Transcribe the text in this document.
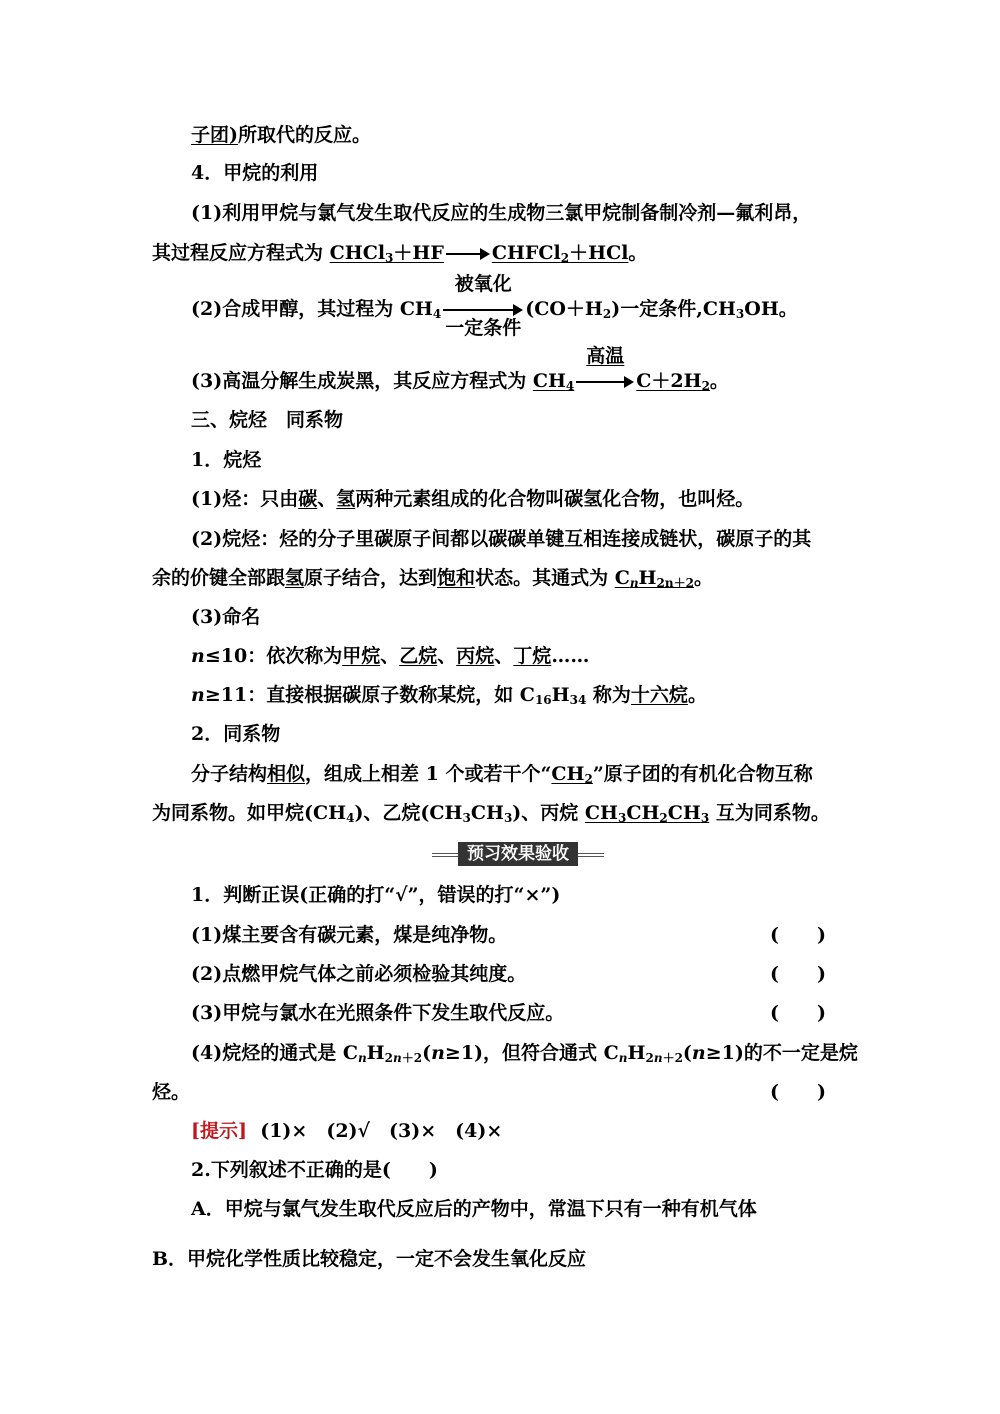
子团)所取代的反应。
4．甲烷的利用
(1)利用甲烷与氯气发生取代反应的生成物三氯甲烷制备制冷剂—氟利昂，
其过程反应方程式为 CHCl$_3$＋HF	CHFCl$_2$＋HCl。
(2)合成甲醇，其过程为 $CH_4$
被氧化
一定条件
$(CO+H_2)$一定条件$,CH_3OH$。
(3)高温分解生成炭黑，其反应方程式为 $CH_4$
高温
$C+2H_2$。
三、烷烃　同系物
1．烷烃
(1)烃：只由碳、氢两种元素组成的化合物叫碳氢化合物，也叫烃。
(2)烷烃：烃的分子里碳原子间都以碳碳单键互相连接成链状，碳原子的其
余的价键全部跟氢原子结合，达到饱和状态。其通式为 $C_nH_{2n+2}$。
(3)命名
n≤10：依次称为甲烷、乙烷、丙烷、丁烷……
n≥11：直接根据碳原子数称某烷，如 $C_{16}H_{34}$ 称为十六烷。
2．同系物
分子结构相似，组成上相差 1 个或若干个“$CH_2$”原子团的有机化合物互称
为同系物。如甲烷$(CH_4)$、乙烷$(CH_3CH_3)$、丙烷 $CH_3CH_2CH_3$ 互为同系物。
预习效果验收
1．判断正误(正确的打“√”，错误的打“×”)
(1)煤主要含有碳元素，煤是纯净物。	(　　)
(2)点燃甲烷气体之前必须检验其纯度。	(　　)
(3)甲烷与氯水在光照条件下发生取代反应。	(　　)
(4)烷烃的通式是 $C_nH_{2n+2}(n\ge 1)$，但符合通式 $C_nH_{2n+2}(n\ge 1)$的不一定是烷
烃。	(　　)
[提示] (1)×　(2)√　(3)×　(4)×
2.下列叙述不正确的是(　　)
A．甲烷与氯气发生取代反应后的产物中，常温下只有一种有机气体
B．甲烷化学性质比较稳定，一定不会发生氧化反应
